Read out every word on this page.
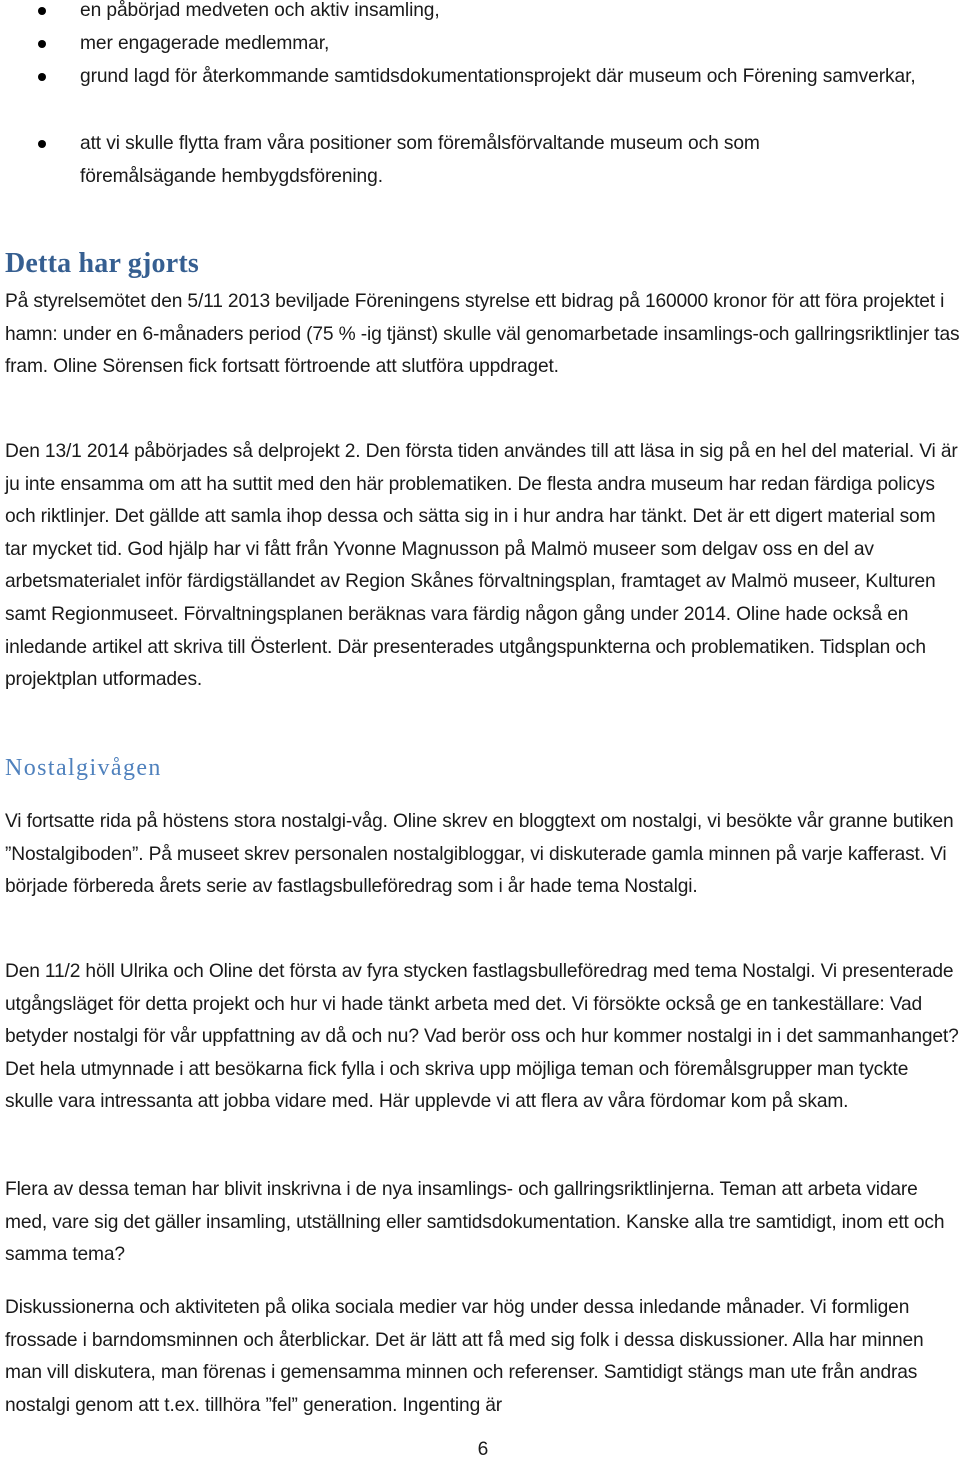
en påbörjad medveten och aktiv insamling,
mer engagerade medlemmar,
grund lagd för återkommande samtidsdokumentationsprojekt där museum och Förening samverkar,
att vi skulle flytta fram våra positioner som föremålsförvaltande museum och som föremålsägande hembygdsförening.
Detta har gjorts

På styrelsemötet den 5/11 2013 beviljade Föreningens styrelse ett bidrag på 160000 kronor för att föra projektet i hamn: under en 6-månaders period (75 % -ig tjänst) skulle väl genomarbetade insamlings-och gallringsriktlinjer tas fram. Oline Sörensen fick fortsatt förtroende att slutföra uppdraget.

Den 13/1 2014 påbörjades så delprojekt 2. Den första tiden användes till att läsa in sig på en hel del material. Vi är ju inte ensamma om att ha suttit med den här problematiken. De flesta andra museum har redan färdiga policys och riktlinjer. Det gällde att samla ihop dessa och sätta sig in i hur andra har tänkt. Det är ett digert material som tar mycket tid. God hjälp har vi fått från Yvonne Magnusson på Malmö museer som delgav oss en del av arbetsmaterialet inför färdigställandet av Region Skånes förvaltningsplan, framtaget av Malmö museer, Kulturen samt Regionmuseet. Förvaltningsplanen beräknas vara färdig någon gång under 2014. Oline hade också en inledande artikel att skriva till Österlent. Där presenterades utgångspunkterna och problematiken. Tidsplan och projektplan utformades.

Nostalgivågen

Vi fortsatte rida på höstens stora nostalgi-våg. Oline skrev en bloggtext om nostalgi, vi besökte vår granne butiken ”Nostalgiboden”. På museet skrev personalen nostalgibloggar, vi diskuterade gamla minnen på varje kafferast. Vi började förbereda årets serie av fastlagsbulleföredrag som i år hade tema Nostalgi.

Den 11/2 höll Ulrika och Oline det första av fyra stycken fastlagsbulleföredrag med tema Nostalgi. Vi presenterade utgångsläget för detta projekt och hur vi hade tänkt arbeta med det. Vi försökte också ge en tankeställare: Vad betyder nostalgi för vår uppfattning av då och nu? Vad berör oss och hur kommer nostalgi in i det sammanhanget? Det hela utmynnade i att besökarna fick fylla i och skriva upp möjliga teman och föremålsgrupper man tyckte skulle vara intressanta att jobba vidare med. Här upplevde vi att flera av våra fördomar kom på skam.

Flera av dessa teman har blivit inskrivna i de nya insamlings- och gallringsriktlinjerna. Teman att arbeta vidare med, vare sig det gäller insamling, utställning eller samtidsdokumentation. Kanske alla tre samtidigt, inom ett och samma tema?

Diskussionerna och aktiviteten på olika sociala medier var hög under dessa inledande månader. Vi formligen frossade i barndomsminnen och återblickar. Det är lätt att få med sig folk i dessa diskussioner. Alla har minnen man vill diskutera, man förenas i gemensamma minnen och referenser. Samtidigt stängs man ute från andras nostalgi genom att t.ex. tillhöra ”fel” generation. Ingenting är

6
